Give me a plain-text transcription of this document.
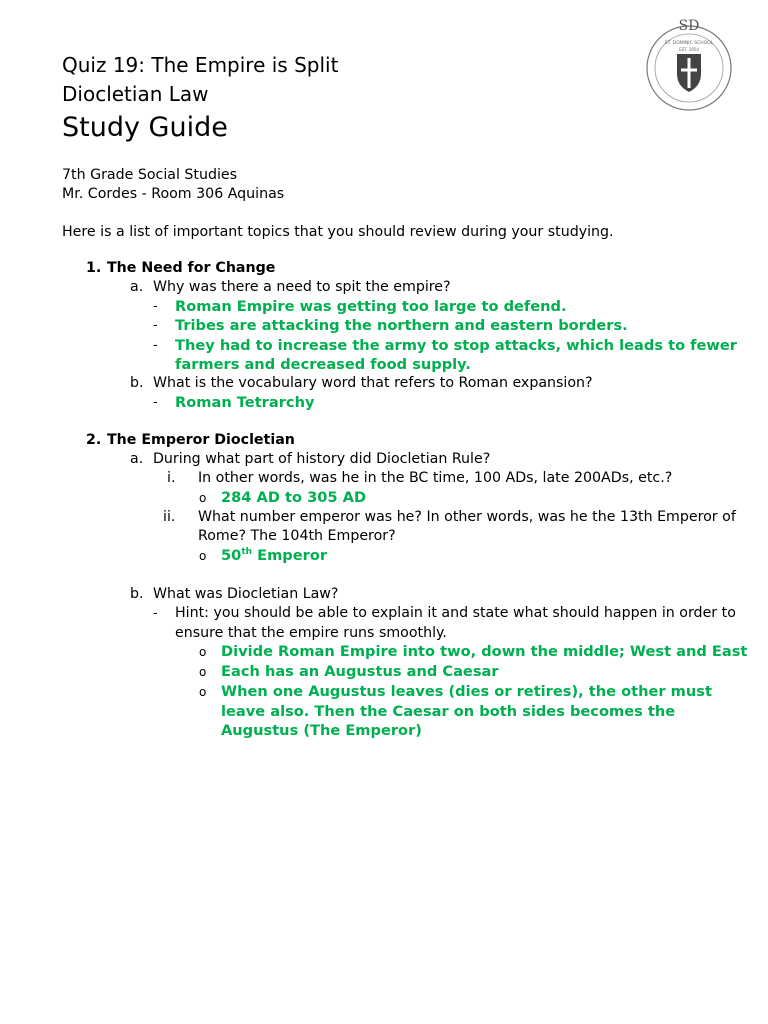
SD
EST. 1954
ST. DOMINIC SCHOOL
Quiz 19: The Empire is Split
Diocletian Law
Study Guide
7th Grade Social Studies
Mr. Cordes - Room 306 Aquinas
Here is a list of important topics that you should review during your studying.
1. The Need for Change
a. Why was there a need to spit the empire?
- Roman Empire was getting too large to defend.
- Tribes are attacking the northern and eastern borders.
- They had to increase the army to stop attacks, which leads to fewer
farmers and decreased food supply.
b. What is the vocabulary word that refers to Roman expansion?
- Roman Tetrarchy
2. The Emperor Diocletian
a. During what part of history did Diocletian Rule?
i. In other words, was he in the BC time, 100 ADs, late 200ADs, etc.?
o 284 AD to 305 AD
ii. What number emperor was he? In other words, was he the 13th Emperor of
Rome? The 104th Emperor?
o 50th Emperor
b. What was Diocletian Law?
- Hint: you should be able to explain it and state what should happen in order to
ensure that the empire runs smoothly.
o Divide Roman Empire into two, down the middle; West and East
o Each has an Augustus and Caesar
o When one Augustus leaves (dies or retires), the other must
leave also. Then the Caesar on both sides becomes the
Augustus (The Emperor)
